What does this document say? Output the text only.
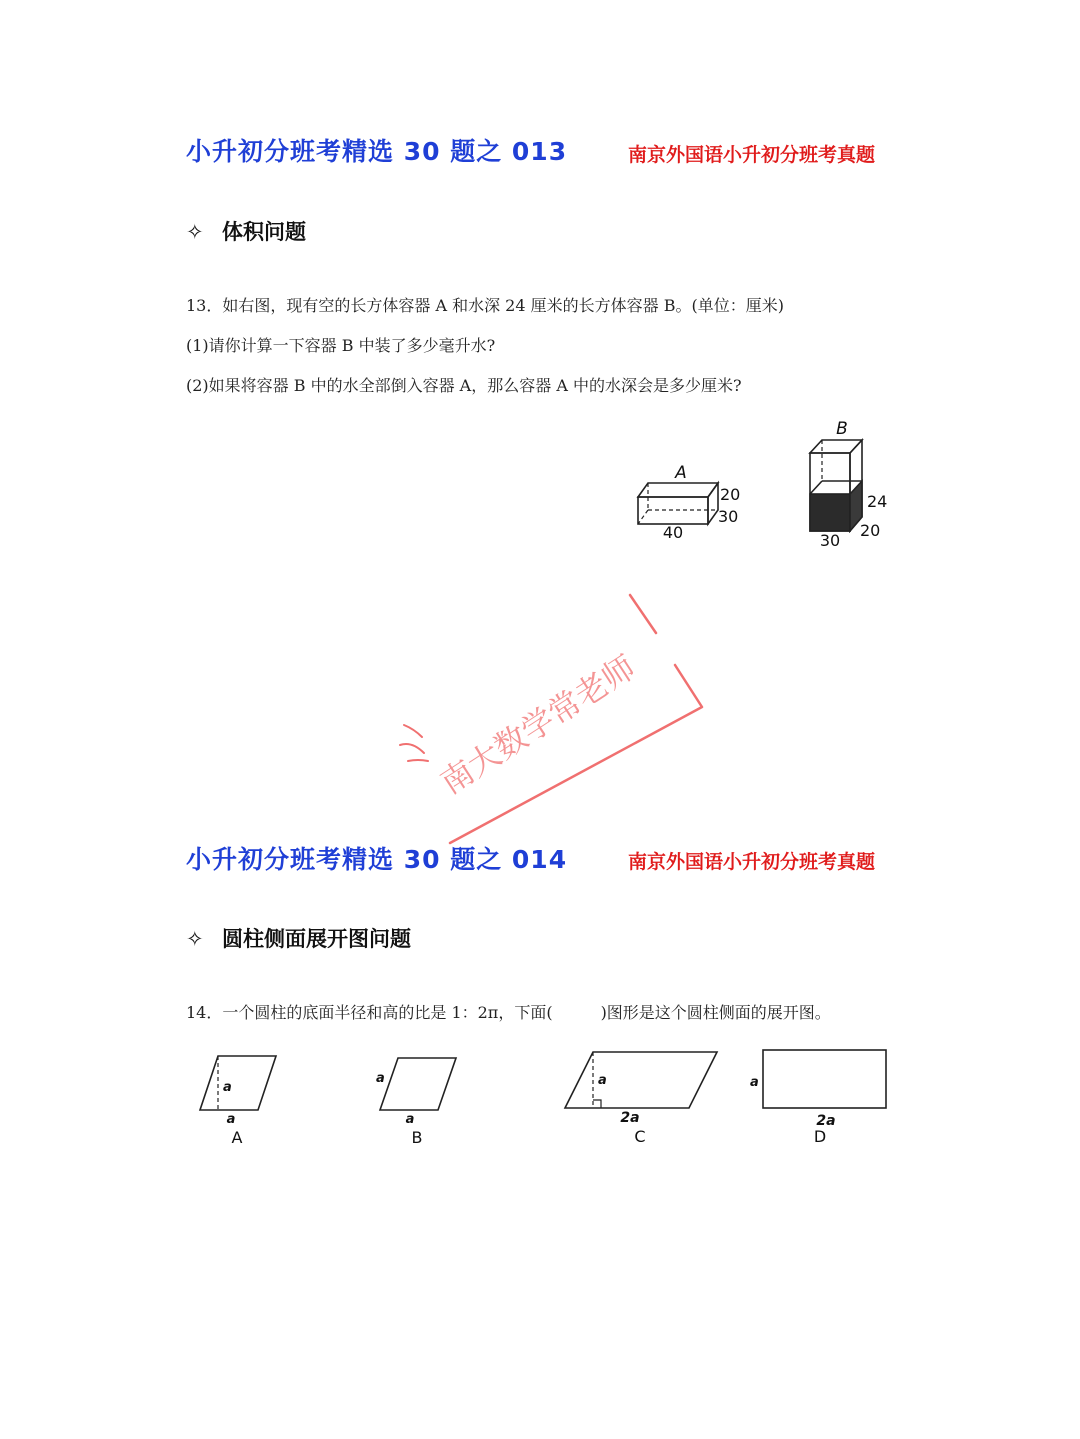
小升初分班考精选 30 题之 013	南京外国语小升初分班考真题
✧ 体积问题
13．如右图，现有空的长方体容器 A 和水深 24 厘米的长方体容器 B。(单位：厘米)
(1)请你计算一下容器 B 中装了多少毫升水?
(2)如果将容器 B 中的水全部倒入容器 A，那么容器 A 中的水深会是多少厘米?
A
20
30
40
B
24
20
30
南大数学常老师
小升初分班考精选 30 题之 014	南京外国语小升初分班考真题
✧ 圆柱侧面展开图问题
14．一个圆柱的底面半径和高的比是 1：2π，下面(　　　)图形是这个圆柱侧面的展开图。
a
a
A
a
a
B
a
2a
C
a
2a
D
